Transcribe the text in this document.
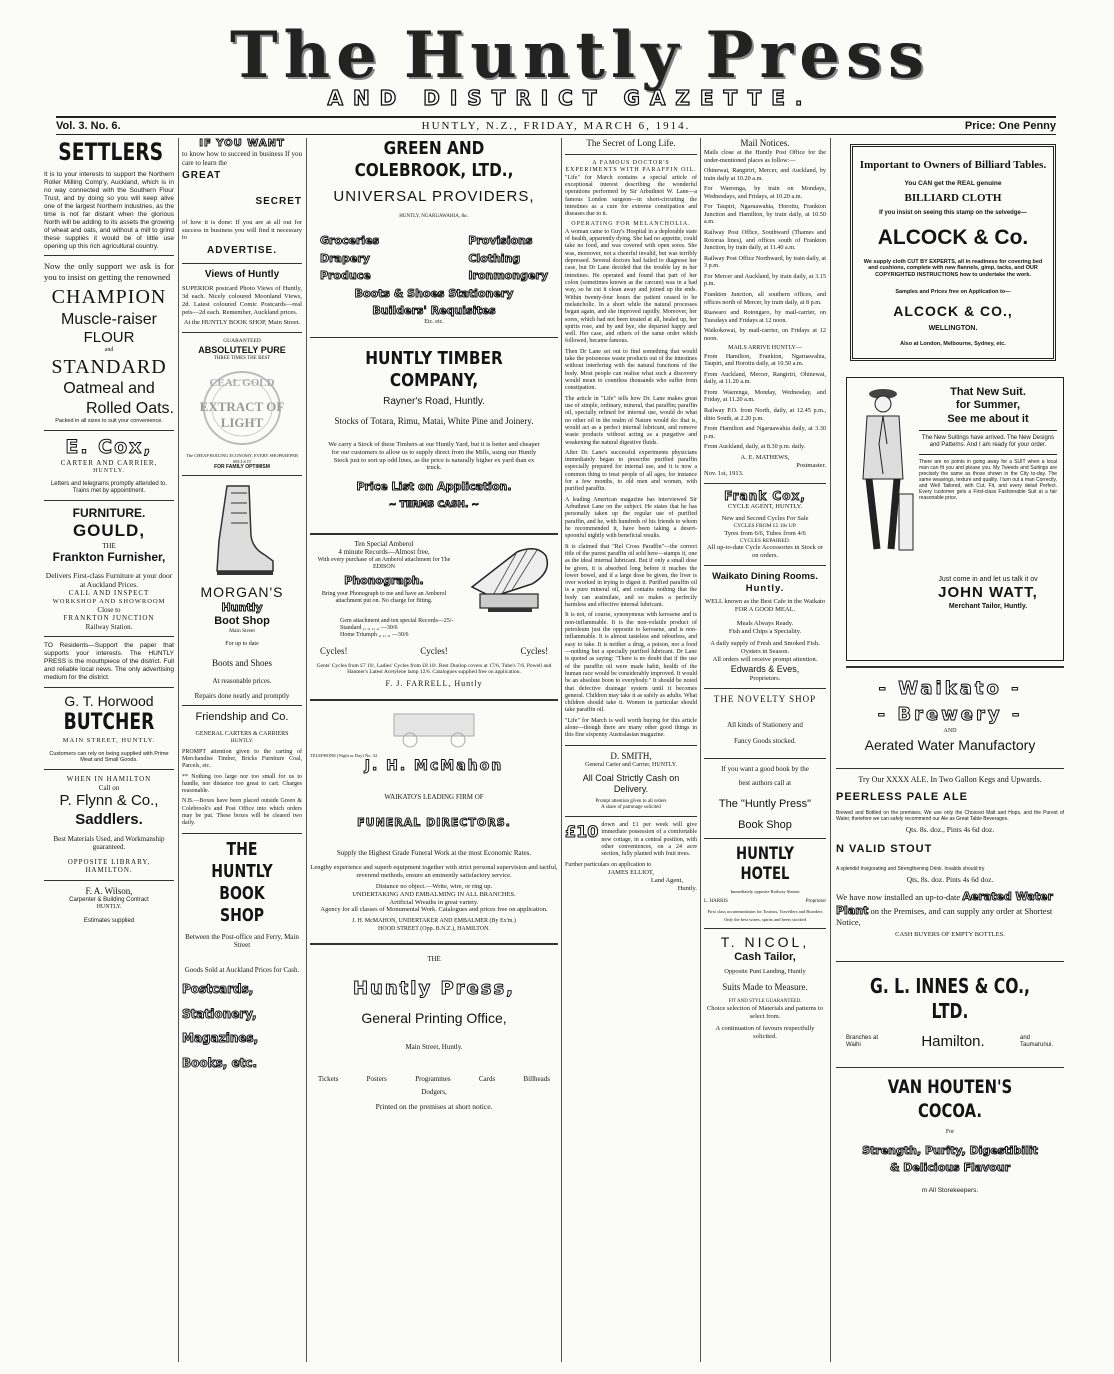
The Huntly Press
AND DISTRICT GAZETTE.
Vol. 3. No. 6.	HUNTLY, N.Z., FRIDAY, MARCH 6, 1914.	Price: One Penny
SETTLERS

It is to your interests to support the Northern Roller Milling Comp'y, Auckland, which is in no way connected with the Southern Flour Trust, and by doing so you will keep alive one of the largest Northern industries, as the time is not far distant when the glorious North will be adding to its assets the growing of wheat and oats, and without a mill to grind these supplies it would be of little use opening up this rich agricultural country.

Now the only support we ask is for you to insist on getting the renowned

CHAMPION
Muscle-raiser
FLOUR
and
STANDARD
Oatmeal and
Rolled Oats.
Packed in all sizes to suit your convenience.
E. Cox,
CARTER AND CARRIER,
HUNTLY.
Letters and telegrams promptly attended to.
Trains met by appointment.
FURNITURE.
GOULD,
THE
Frankton Furnisher,
Delivers First-class Furniture at your door at Auckland Prices.
CALL AND INSPECT
WORKSHOP AND SHOWROOM
Close to
FRANKTON JUNCTION
Railway Station.

TO Residents—Support the paper that supports your interests. The HUNTLY PRESS is the mouthpiece of the district. Full and reliable local news. The only advertising medium for the district.

G. T. Horwood
BUTCHER
MAIN STREET, HUNTLY.
Customers can rely on being supplied with Prime Meat and Small Goods.
WHEN IN HAMILTON
Call on
P. Flynn & Co.,
Saddlers.
Best Materials Used, and Workmanship guaranteed.
OPPOSITE LIBRARY,
HAMILTON.
F. A. Wilson,
Carpenter & Building Contract
HUNTLY.
Estimates supplied
IF YOU WANT

to know how to succeed in business If you care to learn the

GREAT
SECRET

of how it is done: If you are at all out for success in business you will find it necessary to

ADVERTISE.
Views of Huntly

SUPERIOR postcard Photo Views of Huntly, 3d each. Nicely coloured Moonland Views, 2d. Latest coloured Comic Postcards—real pets—2d each. Remember, Auckland prices.

At the HUNTLY BOOK SHOP, Main Street.
GUARANTEED
ABSOLUTELY PURE
THREE TIMES THE BEST
CEAL GOLD
EXTRACT OF LIGHT
The CHEAP BOILING ECONOMY, EVERY SHOPKEEPER SELLS IT
FOR FAMILY OPTIMISM
MORGAN'S
Huntly
Boot Shop
Main Street
For up to date
Boots and Shoes
At reasonable prices.
Repairs done neatly and promptly
Friendship and Co.
GENERAL CARTERS & CARRIERS
HUNTLY.

PROMPT attention given to the carting of Merchandise Timber, Bricks Furniture Coal, Parcels, etc.

** Nothing too large nor too small for us to handle, nor distance too great to cart. Charges reasonable.

N.B.—Boxes have been placed outside Green & Colebrook's and Post Office into which orders may be put. These boxes will be cleared two daily.

THE HUNTLY
BOOK SHOP
Between the Post-office and Ferry, Main Street
Goods Sold at Auckland Prices for Cash.
Postcards,
Stationery,
Magazines,
Books, etc.
GREEN AND COLEBROOK, LTD.,
UNIVERSAL PROVIDERS,
HUNTLY, NGARUAWAHIA, &c.
Groceries
Drapery
Produce
Provisions
Clothing
Ironmongery
Boots & Shoes Stationery
Builders' Requisites
Etc. etc.
HUNTLY TIMBER COMPANY,
Rayner's Road, Huntly.
Stocks of Totara, Rimu, Matai, White Pine and Joinery.

We carry a Stock of these Timbers at our Huntly Yard, but it is better and cheaper for our customers to allow us to supply direct from the Mills, using our Huntly Stock just to sort up odd lines, as the price is naturally higher ex yard than ex truck.

Price List on Application.
~ TERMS CASH. ~
Ten Special Amberol
4 minute Records—Almost free,
With every purchase of an Amberol attachment for The EDISON
Phonograph.
Bring your Phonograph to me and have an Amberol attachment put on. No charge for fitting.
Gem attachment and ten special Records—25/-
Standard ,, ,, ,, ,, —30/6
Home Triumph ,, ,, ,, —30/6
Cycles!	Cycles!	Cycles!

Gents' Cycles from £7 10/, Ladies' Cycles from £8 10/. Best Dunlop covers at 17/6, Tube's 7/6. Powell and Hanmer's Latest Acetylene lamp 12/6. Catalogues supplied free on application.

F. J. FARRELL, Huntly
TELEPHONE (Night or Day) No. 32
J. H. McMahon
WAIKATO'S LEADING FIRM OF
FUNERAL DIRECTORS.
Supply the Highest Grade Funeral Work at the most Economic Rates.

Lengthy experience and superb equipment together with strict personal supervision and tactful, reverend methods, ensure an eminently satisfactory service.

Distance no object.—Write, wire, or ring up.
UNDERTAKING AND EMBALMING IN ALL BRANCHES.
Artificial Wreaths in great variety.
Agency for all classes of Monumental Work. Catalogues and prices free on application.
J. H. McMAHON, UNDERTAKER AND EMBALMER (By Ex'm.)
HOOD STREET (Opp. B.N.Z.), HAMILTON.
THE
Huntly Press,
General Printing Office,
Main Street, Huntly.
Tickets	Posters	Programmes	Cards	Billheads
Dodgers,
Printed on the premises at short notice.
The Secret of Long Life.
A FAMOUS DOCTOR'S EXPERIMENTS WITH PARAFFIN OIL.

"Life" for March contains a special article of exceptional interest describing the wonderful operations performed by Sir Arbuthnot W. Lane—a famous London surgeon—in short-circuiting the intestines as a cure for extreme constipation and diseases due to it.

OPERATING FOR MELANCHOLIA.

A woman came to Guy's Hospital in a deplorable state of health, apparently dying. She had no appetite, could take no food, and was covered with open sores. She was, moreover, not a cheerful invalid, but was terribly depressed. Several doctors had failed to diagnose her case, but Dr Lane decided that the trouble lay in her intestines. He operated and found that part of her colon (sometimes known as the cæcum) was in a bad way, so he cut it clean away and joined up the ends. Within twenty-four hours the patient ceased to be melancholic. In a short while the natural processes began again, and she improved rapidly. Moreover, her sores, which had not been treated at all, healed up, her spirits rose, and by and bye, she departed happy and well. Her case, and others of the same order which followed, became famous.

Then Dr Lane set out to find something that would take the poisonous waste products out of the intestines without interfering with the natural functions of the body. Most people can realise what such a discovery would mean to countless thousands who suffer from constipation.

The article in "Life" tells how Dr. Lane makes great use of simple, ordinary, mineral, that paraffin; paraffin oil, specially refined for internal use, would do what no other oil in the realm of Nature would do: that is, would act as a perfect internal lubricant, and remove waste products without acting as a purgative and weakening the natural digestive fluids.

After Dr. Lane's successful experiments physicians immediately began to prescribe purified paraffin especially prepared for internal use, and it is now a common thing to treat people of all ages, for instance for a few months, to old men and women, with purified paraffin.

A leading American magazine has interviewed Sir Arbuthnot Lane on the subject. He states that he has personally taken up the regular use of purified paraffin, and he, with hundreds of his friends to whom he recommended it, have been taking a desert-spoonful nightly with beneficial results.

It is claimed that "Rel Cross Paraffin"—the correct title of the purest paraffin oil sold here—stamps it, one as the ideal internal lubricant. But if only a small dose be given, it is absorbed long before it reaches the lower bowel, and if a large dose be given, the liver is over worked in trying to digest it. Purified paraffin oil is a pure mineral oil, and contains nothing that the body can assimilate, and so makes a perfectly harmless and effective internal lubricant.

It is not, of course, synonymous with kerosene and is non-inflammable. It is the non-volatile product of petroleum just the opposite to kerosene, and is non-inflammable. It is almost tasteless and odourless, and easy to take. It is neither a drug, a poison, nor a food—nothing but a specially purified lubricant. Dr Lane is quoted as saying: "There is no doubt that if the use of the paraffin oil were made habit, health of the human race would be considerably improved. It would be an absolute boon to everybody." It should be noted that defective drainage system until it becomes general. Children may take it as safely as adults. What children should take it. Women in particular should take paraffin oil.

"Life" for March is well worth buying for this article alone—though there are many other good things in this fine sixpenny Australasian magazine.

D. SMITH,
General Carter and Carrier, HUNTLY.
All Coal Strictly Cash on Delivery.
Prompt attention given to all orders
A share of patronage solicited
£10 down and £1 per week will give immediate possession of a comfortable new cottage, in a central position, with other conveniences, on a 24 acre section, fully planted with fruit trees.

Further particulars on application to
JAMES ELLIOT,
Land Agent,
Huntly.
Mail Notices.

Mails close at the Huntly Post Office for the under-mentioned places as follow:—

Ohinewai, Rangiriri, Mercer, and Auckland, by train daily at 10.20 a.m.

For Waerenga, by train on Mondays, Wednesdays, and Fridays, at 10.20 a.m.

For Taupiri, Ngaruawahia, Horotiu, Frankton Junction and Hamilton, by train daily, at 10.50 a.m.

Railway Post Office, Southward (Thames and Rotorua lines), and offices south of Frankton Junction, by train daily, at 11.40 a.m.

Railway Post Office Northward, by train daily, at 3 p.m.

For Mercer and Auckland, by train daily, at 3.15 p.m.

Frankton Junction, all southern offices, and offices north of Mercer, by train daily, at 8 p.m.

Ruawaro and Rotongaro, by mail-carrier, on Tuesdays and Fridays at 12 noon.

Waikokowai, by mail-carrier, on Fridays at 12 noon.

MAILS ARRIVE HUNTLY—

From Hamilton, Frankton, Ngaruawahia, Taupiri, and Horotiu daily, at 10.50 a.m.

From Auckland, Mercer, Rangiriri, Ohinewai, daily, at 11.20 a.m.

From Waerenga, Monday, Wednesday, and Friday, at 11.20 a.m.

Railway P.O. from North, daily, at 12.45 p.m., ditto South, at 2.20 p.m.

From Hamilton and Ngaruawahia daily, at 3.30 p.m.

From Auckland, daily, at 8.30 p.m. daily.

A. E. MATHEWS,
Postmaster.
Nov. 1st, 1913.
Frank Cox,
CYCLE AGENT, HUNTLY.
New and Second Cycles For Sale
CYCLES FROM £5 10s UP.
Tyres from 6/6, Tubes from 4/6
CYCLES REPAIRED.
All up-to-date Cycle Accessories in Stock or on orders.
Waikato Dining Rooms.
Huntly.
WELL known as the Best Cafe in the Waikato FOR A GOOD MEAL.
Meals Always Ready.
Fish and Chips a Speciality.
A daily supply of Fresh and Smoked Fish.
Oysters in Season.
All orders will receive prompt attention.
Edwards & Eves,
Proprietors.
THE NOVELTY SHOP
All kinds of Stationery and
Fancy Goods stocked.
If you want a good book by the
best authors call at
The "Huntly Press"
Book Shop
HUNTLY HOTEL
Immediately opposite Railway Station
L. HARRIS	Proprietor
First class accommodation for Tourists, Travellers and Boarders
Only the best wines, spirits and beers stocked
T. NICOL,
Cash Tailor,
Opposite Punt Landing, Huntly
Suits Made to Measure.
FIT AND STYLE GUARANTEED.
Choice selection of Materials and patterns to select from.
A continuation of favours respectfully solicited.
Important to Owners of Billiard Tables.
You CAN get the REAL genuine
BILLIARD CLOTH
If you insist on seeing this stamp on the selvedge—
ALCOCK & Co.
We supply cloth CUT BY EXPERTS, all in readiness for covering bed and cushions, complete with new flannels, gimp, tacks, and OUR COPYRIGHTED INSTRUCTIONS how to undertake the work.
Samples and Prices free on Application to—
ALCOCK & CO.,
WELLINGTON.
Also at London, Melbourne, Sydney, etc.
That New Suit.
for Summer,
See me about it
The New Suitings have arrived. The New Designs and Patterns. And I am ready for your order.

There are no points in going away for a SUIT when a local man can fit you and please you. My Tweeds and Suitings are precisely the same as those shown in the City to-day. The same weavings, texture and quality. I turn out a man Correctly, and Well Tailored, with Cut, Fit, and every detail Perfect. Every customer gets a First-class Fashionable Suit at a fair reasonable price.

Just come in and let us talk it ov
JOHN WATT,
Merchant Tailor, Huntly.
- Waikato -
- Brewery -
AND
Aerated Water Manufactory
Try Our XXXX ALE. In Two Gallon Kegs and Upwards.
PEERLESS PALE ALE

Brewed and Bottled on the premises. We use only the Choicest Malt and Hops, and the Purest of Water, therefore we can safely recommend our Ale as Great Table Beverages.

Qts. 8s. doz., Pints 4s 6d doz.
N VALID STOUT

A splendid Invigorating and Strengthening Drink. Invalids should try

Qts, 8s. doz. Pints 4s 6d doz.
We have now installed an up-to-date Aerated Water Plant on the Premises, and can supply any order at Shortest Notice,
CASH BUYERS OF EMPTY BOTTLES.
G. L. INNES & CO., LTD.
Branches at Waihi	Hamilton.	and Taumarunui.
VAN HOUTEN'S COCOA.
For
Strength, Purity, Digestibilit
& Delicious Flavour
m All Storekeepers.
